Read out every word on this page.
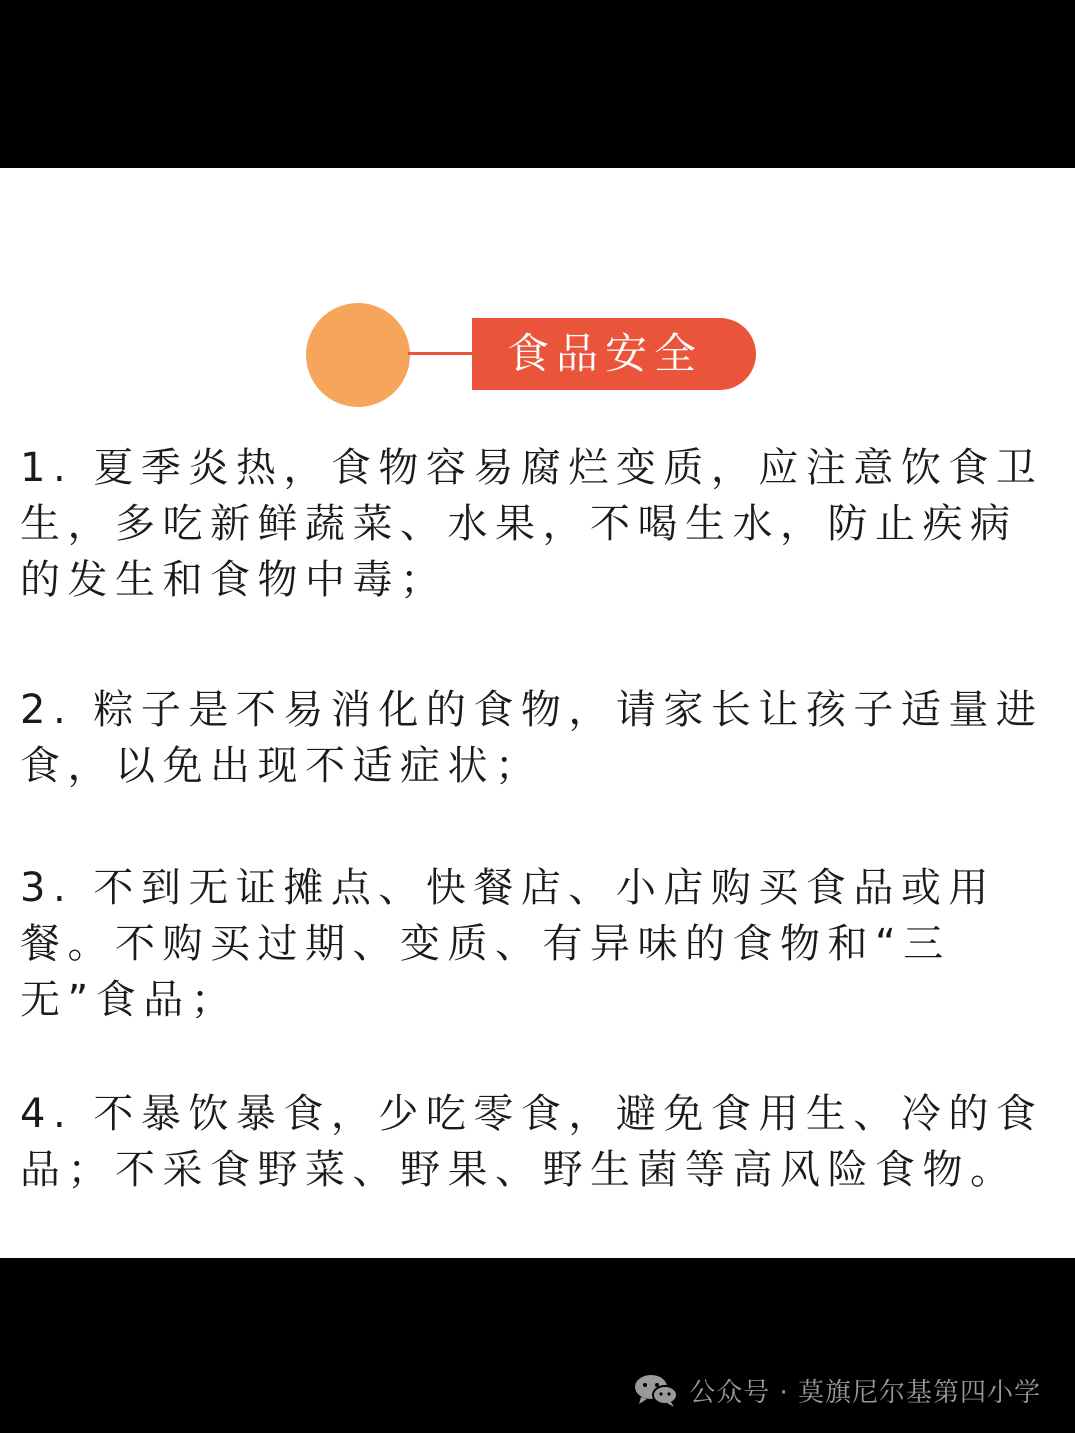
食品安全

1. 夏季炎热，食物容易腐烂变质，应注意饮食卫生，多吃新鲜蔬菜、水果，不喝生水，防止疾病的发生和食物中毒；

2. 粽子是不易消化的食物，请家长让孩子适量进食，以免出现不适症状；

3. 不到无证摊点、快餐店、小店购买食品或用餐。不购买过期、变质、有异味的食物和“三无”食品；

4. 不暴饮暴食，少吃零食，避免食用生、冷的食品；不采食野菜、野果、野生菌等高风险食物。

公众号 · 莫旗尼尔基第四小学
